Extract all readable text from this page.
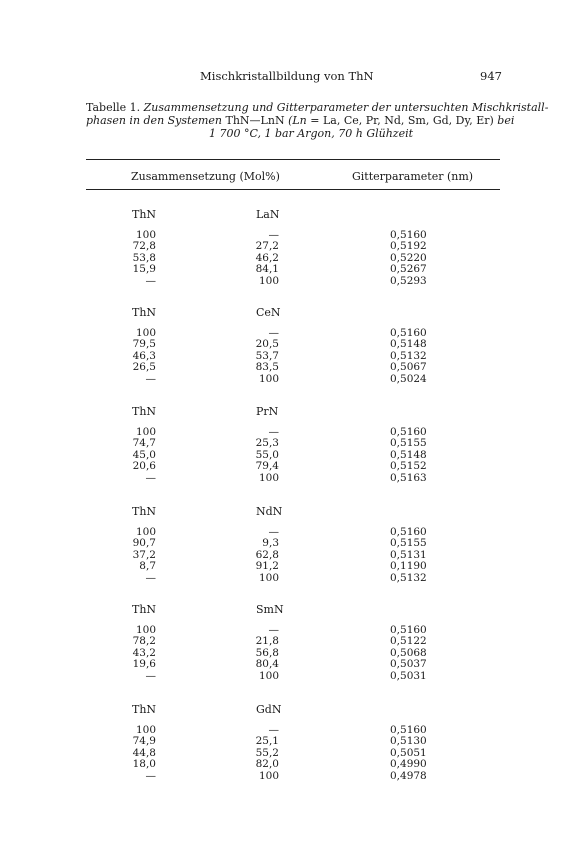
Mischkristallbildung von ThN	947
Tabelle 1. Zusammensetzung und Gitterparameter der untersuchten Mischkristall-
phasen in den Systemen ThN—LnN (Ln = La, Ce, Pr, Nd, Sm, Gd, Dy, Er) bei
1 700 °C, 1 bar Argon, 70 h Glühzeit
Zusammensetzung (Mol%)	Gitterparameter (nm)
ThN	LaN
100	—	0,5160
72,8	27,2	0,5192
53,8	46,2	0,5220
15,9	84,1	0,5267
—	100	0,5293
ThN	CeN
100	—	0,5160
79,5	20,5	0,5148
46,3	53,7	0,5132
26,5	83,5	0,5067
—	100	0,5024
ThN	PrN
100	—	0,5160
74,7	25,3	0,5155
45,0	55,0	0,5148
20,6	79,4	0,5152
—	100	0,5163
ThN	NdN
100	—	0,5160
90,7	9,3	0,5155
37,2	62,8	0,5131
8,7	91,2	0,1190
—	100	0,5132
ThN	SmN
100	—	0,5160
78,2	21,8	0,5122
43,2	56,8	0,5068
19,6	80,4	0,5037
—	100	0,5031
ThN	GdN
100	—	0,5160
74,9	25,1	0,5130
44,8	55,2	0,5051
18,0	82,0	0,4990
—	100	0,4978
